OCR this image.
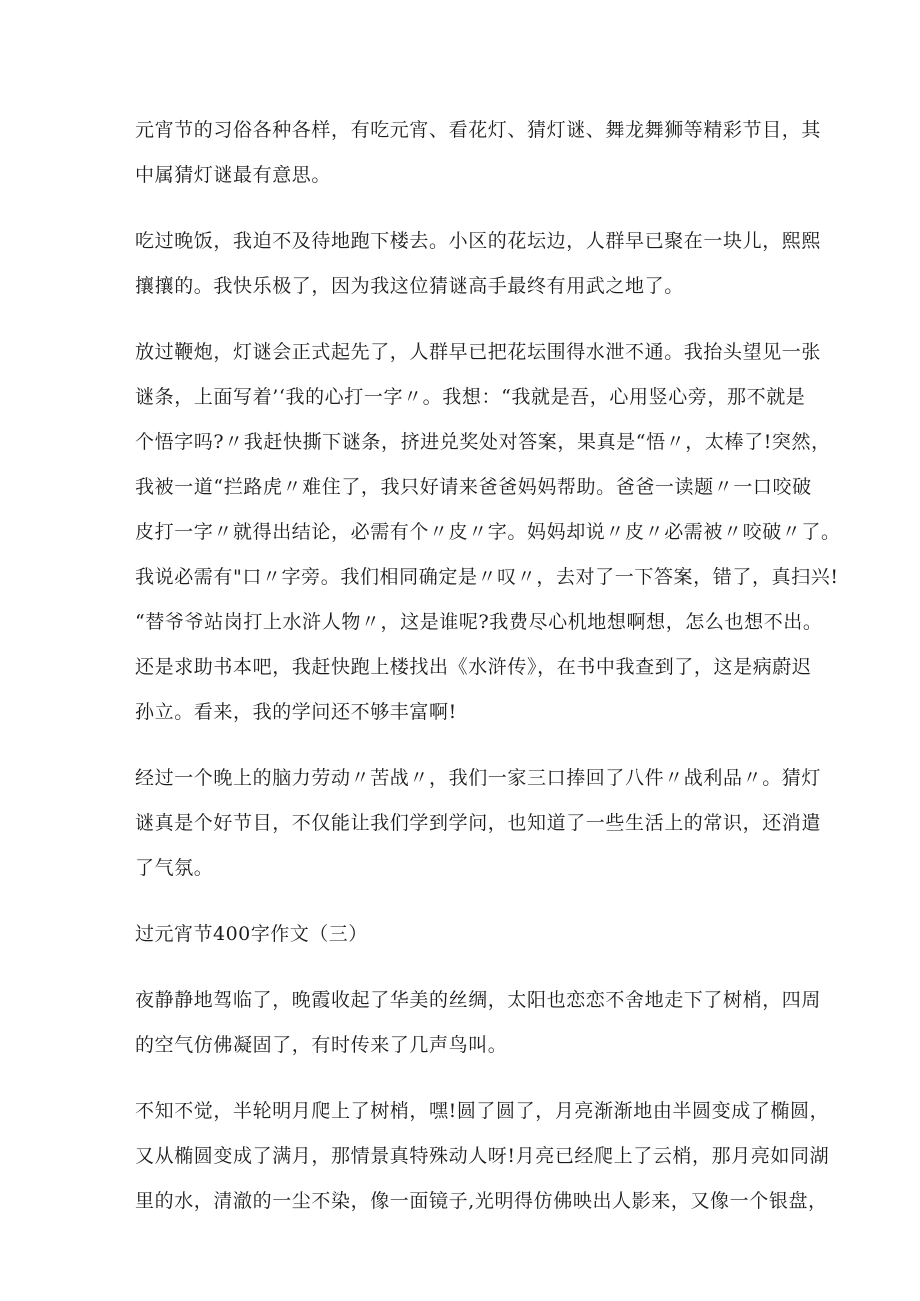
元宵节的习俗各种各样，有吃元宵、看花灯、猜灯谜、舞龙舞狮等精彩节目，其
中属猜灯谜最有意思。
吃过晚饭，我迫不及待地跑下楼去。小区的花坛边，人群早已聚在一块儿，熙熙
攘攘的。我快乐极了，因为我这位猜谜高手最终有用武之地了。
放过鞭炮，灯谜会正式起先了，人群早已把花坛围得水泄不通。我抬头望见一张
谜条，上面写着’‘我的心打一字〃。我想：“我就是吾，心用竖心旁，那不就是
个悟字吗?〃我赶快撕下谜条，挤进兑奖处对答案，果真是“悟〃，太棒了!突然，
我被一道“拦路虎〃难住了，我只好请来爸爸妈妈帮助。爸爸一读题〃一口咬破
皮打一字〃就得出结论，必需有个〃皮〃字。妈妈却说〃皮〃必需被〃咬破〃了。
我说必需有"口〃字旁。我们相同确定是〃叹〃，去对了一下答案，错了，真扫兴!
“替爷爷站岗打上水浒人物〃，这是谁呢?我费尽心机地想啊想，怎么也想不出。
还是求助书本吧，我赶快跑上楼找出《水浒传》，在书中我查到了，这是病蔚迟
孙立。看来，我的学问还不够丰富啊!
经过一个晚上的脑力劳动〃苦战〃，我们一家三口捧回了八件〃战利品〃。猜灯
谜真是个好节目，不仅能让我们学到学问，也知道了一些生活上的常识，还消遣
了气氛。
过元宵节400字作文（三）
夜静静地驾临了，晚霞收起了华美的丝绸，太阳也恋恋不舍地走下了树梢，四周
的空气仿佛凝固了，有时传来了几声鸟叫。
不知不觉，半轮明月爬上了树梢，嘿!圆了圆了，月亮渐渐地由半圆变成了椭圆，
又从椭圆变成了满月，那情景真特殊动人呀!月亮已经爬上了云梢，那月亮如同湖
里的水，清澈的一尘不染，像一面镜子,光明得仿佛映出人影来，又像一个银盘，
